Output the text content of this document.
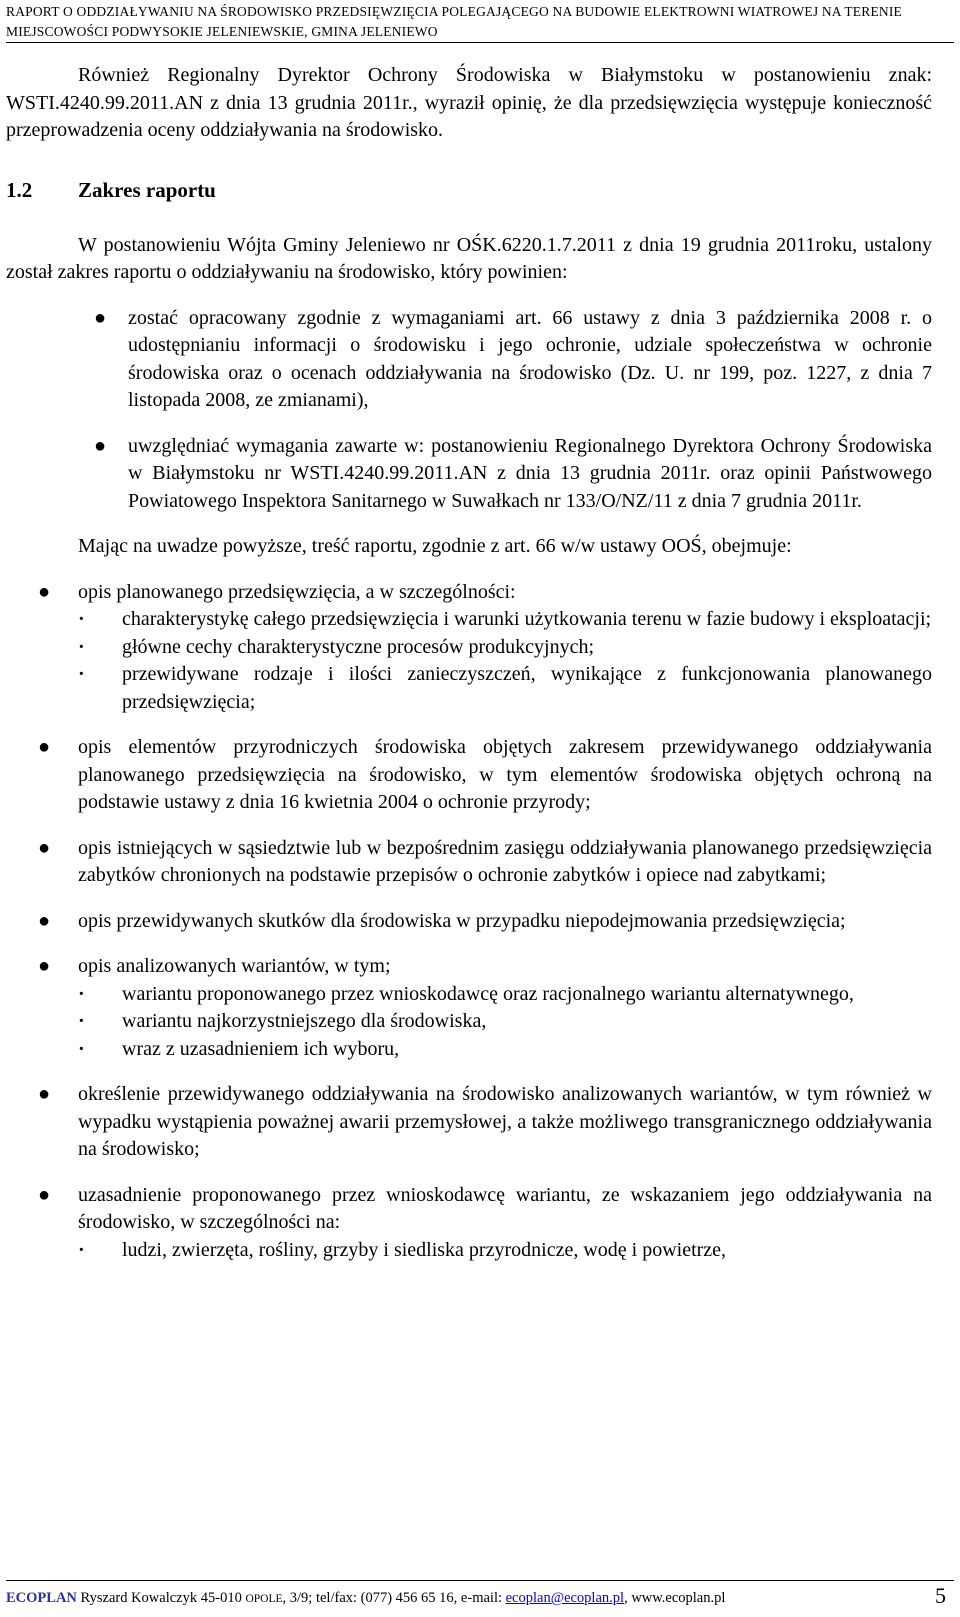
RAPORT O ODDZIAŁYWANIU NA ŚRODOWISKO PRZEDSIĘWZIĘCIA POLEGAJĄCEGO NA BUDOWIE ELEKTROWNI WIATROWEJ NA TERENIE
MIEJSCOWOŚCI PODWYSOKIE JELENIEWSKIE, GMINA JELENIEWO

Również Regionalny Dyrektor Ochrony Środowiska w Białymstoku w postanowieniu znak: WSTI.4240.99.2011.AN z dnia 13 grudnia 2011r., wyraził opinię, że dla przedsięwzięcia występuje konieczność przeprowadzenia oceny oddziaływania na środowisko.

1.2 Zakres raportu

W postanowieniu Wójta Gminy Jeleniewo nr OŚK.6220.1.7.2011 z dnia 19 grudnia 2011roku, ustalony został zakres raportu o oddziaływaniu na środowisko, który powinien:

● zostać opracowany zgodnie z wymaganiami art. 66 ustawy z dnia 3 października 2008 r. o udostępnianiu informacji o środowisku i jego ochronie, udziale społeczeństwa w ochronie środowiska oraz o ocenach oddziaływania na środowisko (Dz. U. nr 199, poz. 1227, z dnia 7 listopada 2008, ze zmianami),
● uwzględniać wymagania zawarte w: postanowieniu Regionalnego Dyrektora Ochrony Środowiska w Białymstoku nr WSTI.4240.99.2011.AN z dnia 13 grudnia 2011r. oraz opinii Państwowego Powiatowego Inspektora Sanitarnego w Suwałkach nr 133/O/NZ/11 z dnia 7 grudnia 2011r.

Mając na uwadze powyższe, treść raportu, zgodnie z art. 66 w/w ustawy OOŚ, obejmuje:

● opis planowanego przedsięwzięcia, a w szczególności:
· charakterystykę całego przedsięwzięcia i warunki użytkowania terenu w fazie budowy i eksploatacji;
· główne cechy charakterystyczne procesów produkcyjnych;
· przewidywane rodzaje i ilości zanieczyszczeń, wynikające z funkcjonowania planowanego przedsięwzięcia;
● opis elementów przyrodniczych środowiska objętych zakresem przewidywanego oddziaływania planowanego przedsięwzięcia na środowisko, w tym elementów środowiska objętych ochroną na podstawie ustawy z dnia 16 kwietnia 2004 o ochronie przyrody;
● opis istniejących w sąsiedztwie lub w bezpośrednim zasięgu oddziaływania planowanego przedsięwzięcia zabytków chronionych na podstawie przepisów o ochronie zabytków i opiece nad zabytkami;
● opis przewidywanych skutków dla środowiska w przypadku niepodejmowania przedsięwzięcia;
● opis analizowanych wariantów, w tym;
· wariantu proponowanego przez wnioskodawcę oraz racjonalnego wariantu alternatywnego,
· wariantu najkorzystniejszego dla środowiska,
· wraz z uzasadnieniem ich wyboru,
● określenie przewidywanego oddziaływania na środowisko analizowanych wariantów, w tym również w wypadku wystąpienia poważnej awarii przemysłowej, a także możliwego transgranicznego oddziaływania na środowisko;
● uzasadnienie proponowanego przez wnioskodawcę wariantu, ze wskazaniem jego oddziaływania na środowisko, w szczególności na:
· ludzi, zwierzęta, rośliny, grzyby i siedliska przyrodnicze, wodę i powietrze,
ECOPLAN Ryszard Kowalczyk 45-010 OPOLE, 3/9; tel/fax: (077) 456 65 16, e-mail: ecoplan@ecoplan.pl, www.ecoplan.pl	5
